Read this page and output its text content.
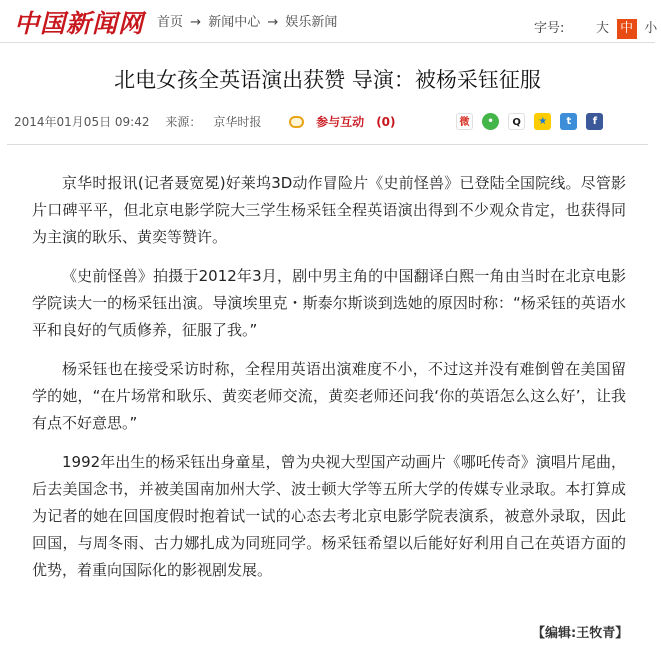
中国新闻网 首页 → 新闻中心 → 娱乐新闻	字号: 大 中 小
北电女孩全英语演出获赞 导演：被杨采钰征服
2014年01月05日 09:42 来源： 京华时报	参与互动 (0)	微 • Q ★ t f

京华时报讯(记者聂宽冕)好莱坞3D动作冒险片《史前怪兽》已登陆全国院线。尽管影片口碑平平，但北京电影学院大三学生杨采钰全程英语演出得到不少观众肯定，也获得同为主演的耿乐、黄奕等赞许。

《史前怪兽》拍摄于2012年3月，剧中男主角的中国翻译白熙一角由当时在北京电影学院读大一的杨采钰出演。导演埃里克・斯泰尔斯谈到选她的原因时称：“杨采钰的英语水平和良好的气质修养，征服了我。”

杨采钰也在接受采访时称，全程用英语出演难度不小，不过这并没有难倒曾在美国留学的她，“在片场常和耿乐、黄奕老师交流，黄奕老师还问我‘你的英语怎么这么好’，让我有点不好意思。”

1992年出生的杨采钰出身童星，曾为央视大型国产动画片《哪吒传奇》演唱片尾曲，后去美国念书，并被美国南加州大学、波士顿大学等五所大学的传媒专业录取。本打算成为记者的她在回国度假时抱着试一试的心态去考北京电影学院表演系，被意外录取，因此回国，与周冬雨、古力娜扎成为同班同学。杨采钰希望以后能好好利用自己在英语方面的优势，着重向国际化的影视剧发展。

【编辑:王牧青】
